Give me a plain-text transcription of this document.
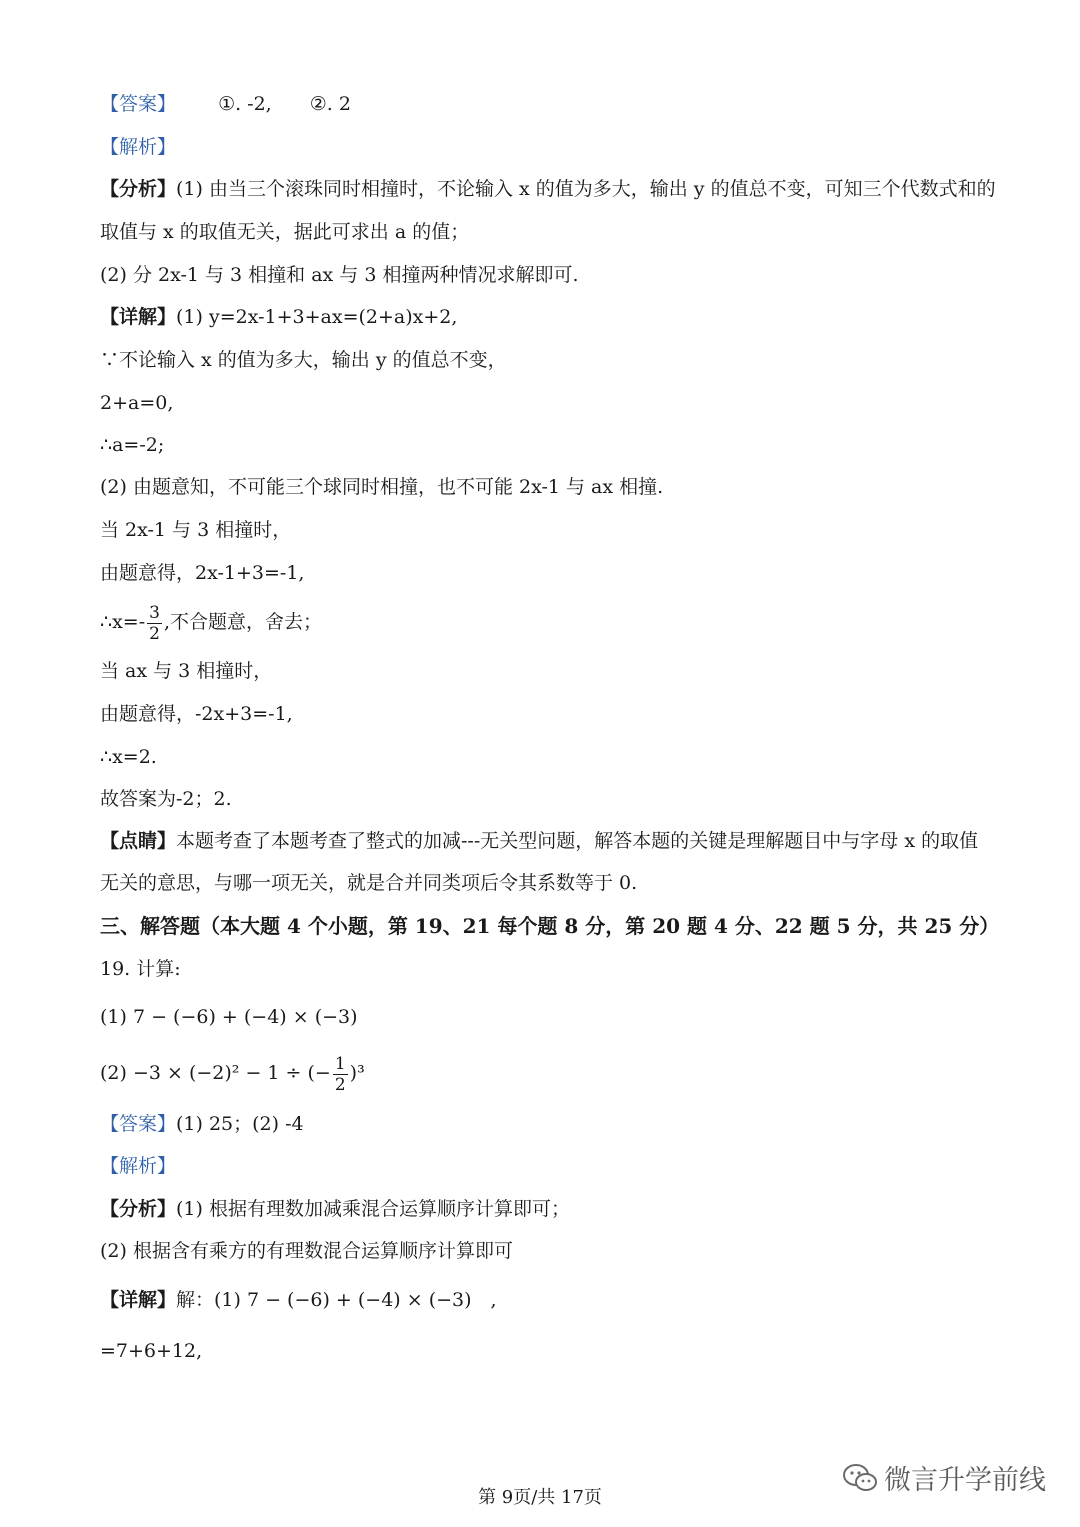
【答案】 ①. -2,　　②. 2
【解析】
【分析】(1) 由当三个滚珠同时相撞时，不论输入 x 的值为多大，输出 y 的值总不变，可知三个代数式和的
取值与 x 的取值无关，据此可求出 a 的值；
(2) 分 2x-1 与 3 相撞和 ax 与 3 相撞两种情况求解即可.
【详解】(1) y=2x-1+3+ax=(2+a)x+2,
∵不论输入 x 的值为多大，输出 y 的值总不变，
2+a=0,
∴a=-2;
(2) 由题意知，不可能三个球同时相撞，也不可能 2x-1 与 ax 相撞.
当 2x-1 与 3 相撞时，
由题意得，2x-1+3=-1,
∴x=- $\frac{3}{2}$ ,不合题意，舍去；
当 ax 与 3 相撞时，
由题意得，-2x+3=-1,
∴x=2.
故答案为-2；2.
【点睛】本题考查了本题考查了整式的加减---无关型问题，解答本题的关键是理解题目中与字母 x 的取值
无关的意思，与哪一项无关，就是合并同类项后令其系数等于 0.
三、解答题（本大题 4 个小题，第 19、21 每个题 8 分，第 20 题 4 分、22 题 5 分，共 25 分）
19. 计算:
(1) 7 − (−6) + (−4) × (−3)
(2) −3 × (−2)² − 1 ÷ (− $\frac{1}{2} )^3$
【答案】(1) 25；(2) -4
【解析】
【分析】(1) 根据有理数加减乘混合运算顺序计算即可；
(2) 根据含有乘方的有理数混合运算顺序计算即可
【详解】解：(1) 7 − (−6) + (−4) × (−3)　,
=7+6+12,
第 9页/共 17页
微言升学前线
